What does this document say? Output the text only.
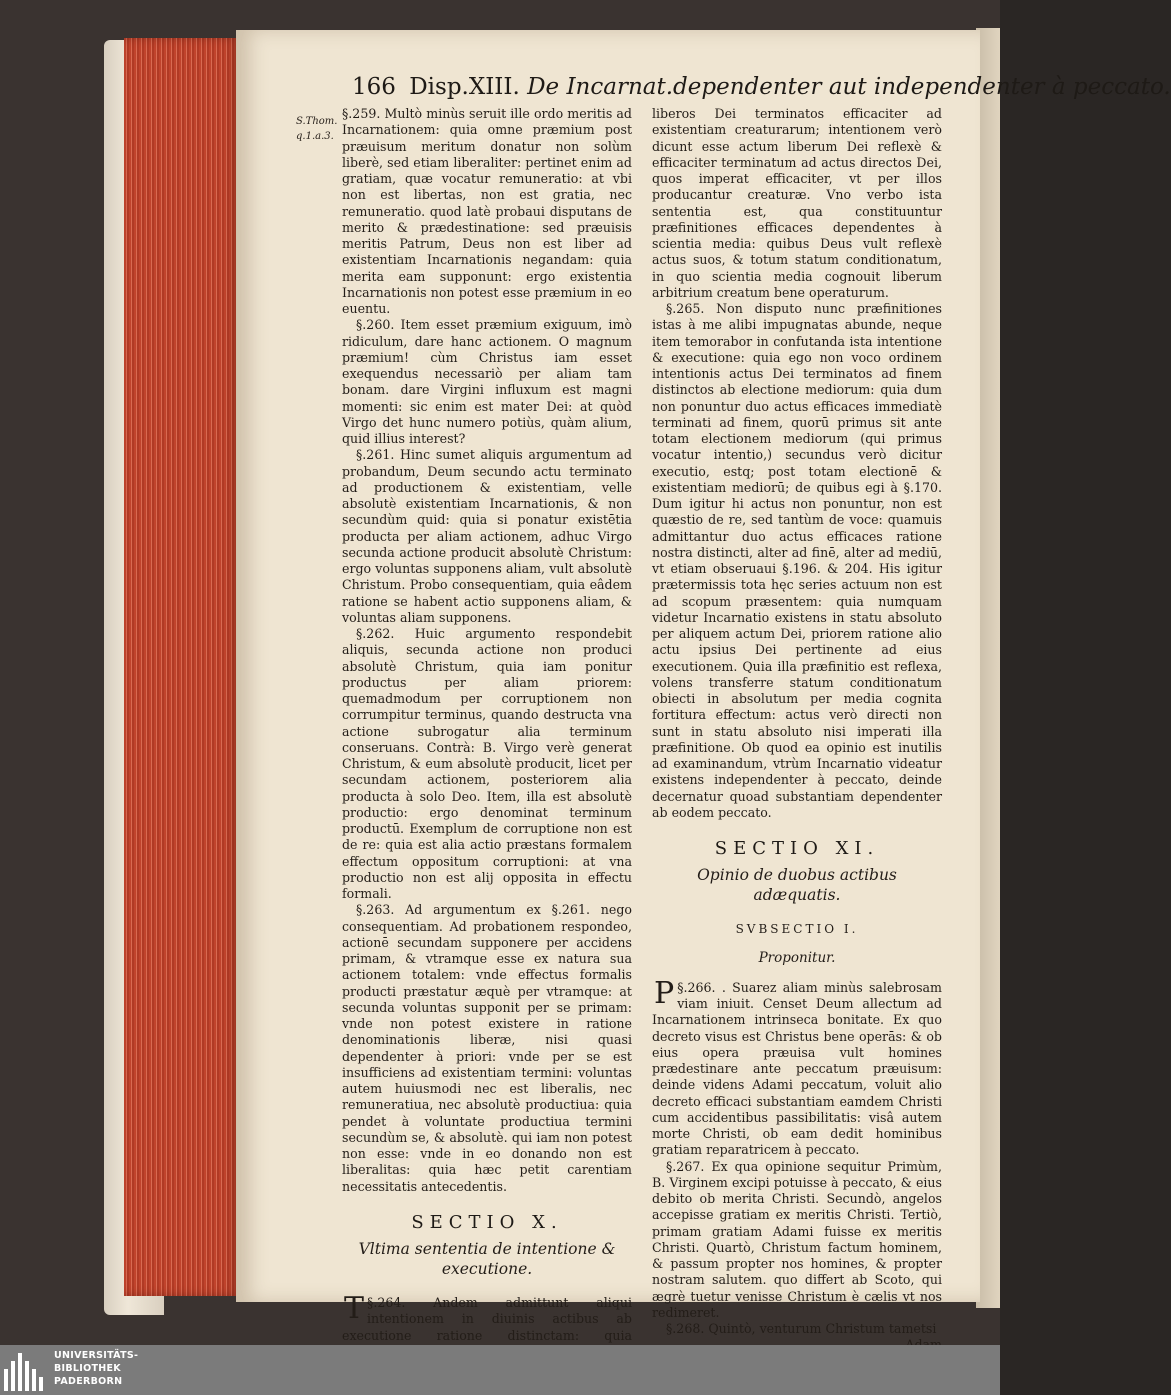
166 Disp.XIII. De Incarnat.dependenter aut independenter à peccato.
S.Thom.
q.1.a.3.

§.259. Multò minùs seruit ille ordo meritis ad Incarnationem: quia omne præmium post præuisum meritum donatur non solùm liberè, sed etiam liberaliter: pertinet enim ad gratiam, quæ vocatur remuneratio: at vbi non est libertas, non est gratia, nec remuneratio. quod latè probaui disputans de merito & prædestinatione: sed præuisis meritis Patrum, Deus non est liber ad existentiam Incarnationis negandam: quia merita eam supponunt: ergo existentia Incarnationis non potest esse præmium in eo euentu.

§.260. Item esset præmium exiguum, imò ridiculum, dare hanc actionem. O magnum præmium! cùm Christus iam esset exequendus necessariò per aliam tam bonam. dare Virgini influxum est magni momenti: sic enim est mater Dei: at quòd Virgo det hunc numero potiùs, quàm alium, quid illius interest?

§.261. Hinc sumet aliquis argumentum ad probandum, Deum secundo actu terminato ad productionem & existentiam, velle absolutè existentiam Incarnationis, & non secundùm quid: quia si ponatur existētia producta per aliam actionem, adhuc Virgo secunda actione producit absolutè Christum: ergo voluntas supponens aliam, vult absolutè Christum. Probo consequentiam, quia eâdem ratione se habent actio supponens aliam, & voluntas aliam supponens.

§.262. Huic argumento respondebit aliquis, secunda actione non produci absolutè Christum, quia iam ponitur productus per aliam priorem: quemadmodum per corruptionem non corrumpitur terminus, quando destructa vna actione subrogatur alia terminum conseruans. Contrà: B. Virgo verè generat Christum, & eum absolutè producit, licet per secundam actionem, posteriorem alia producta à solo Deo. Item, illa est absolutè productio: ergo denominat terminum productū. Exemplum de corruptione non est de re: quia est alia actio præstans formalem effectum oppositum corruptioni: at vna productio non est alij opposita in effectu formali.

§.263. Ad argumentum ex §.261. nego consequentiam. Ad probationem respondeo, actionē secundam supponere per accidens primam, & vtramque esse ex natura sua actionem totalem: vnde effectus formalis producti præstatur æquè per vtramque: at secunda voluntas supponit per se primam: vnde non potest existere in ratione denominationis liberæ, nisi quasi dependenter à priori: vnde per se est insufficiens ad existentiam termini: voluntas autem huiusmodi nec est liberalis, nec remuneratiua, nec absolutè productiua: quia pendet à voluntate productiua termini secundùm se, & absolutè. qui iam non potest non esse: vnde in eo donando non est liberalitas: quia hæc petit carentiam necessitatis antecedentis.

SECTIO X.
Vltima sententia de intentione & executione.

§.264.
T	Andem admittunt aliqui intentionem in diuinis actibus ab executione ratione distinctam: quia

liberos Dei terminatos efficaciter ad existentiam creaturarum; intentionem verò dicunt esse actum liberum Dei reflexè & efficaciter terminatum ad actus directos Dei, quos imperat efficaciter, vt per illos producantur creaturæ. Vno verbo ista sententia est, qua constituuntur præfinitiones efficaces dependentes à scientia media: quibus Deus vult reflexè actus suos, & totum statum conditionatum, in quo scientia media cognouit liberum arbitrium creatum bene operaturum.

§.265. Non disputo nunc præfinitiones istas à me alibi impugnatas abunde, neque item temorabor in confutanda ista intentione & executione: quia ego non voco ordinem intentionis actus Dei terminatos ad finem distinctos ab electione mediorum: quia dum non ponuntur duo actus efficaces immediatè terminati ad finem, quorū primus sit ante totam electionem mediorum (qui primus vocatur intentio,) secundus verò dicitur executio, estq; post totam electionē & existentiam mediorū; de quibus egi à §.170. Dum igitur hi actus non ponuntur, non est quæstio de re, sed tantùm de voce: quamuis admittantur duo actus efficaces ratione nostra distincti, alter ad finē, alter ad mediū, vt etiam obseruaui §.196. & 204. His igitur prætermissis tota hęc series actuum non est ad scopum præsentem: quia numquam videtur Incarnatio existens in statu absoluto per aliquem actum Dei, priorem ratione alio actu ipsius Dei pertinente ad eius executionem. Quia illa præfinitio est reflexa, volens transferre statum conditionatum obiecti in absolutum per media cognita fortitura effectum: actus verò directi non sunt in statu absoluto nisi imperati illa præfinitione. Ob quod ea opinio est inutilis ad examinandum, vtrùm Incarnatio videatur existens independenter à peccato, deinde decernatur quoad substantiam dependenter ab eodem peccato.

SECTIO XI.
Opinio de duobus actibus adæquatis.
SVBSECTIO I.
Proponitur.

§.266.
P	. Suarez aliam minùs salebrosam viam iniuit. Censet Deum allectum ad Incarnationem intrinseca bonitate. Ex quo decreto visus est Christus bene operās: & ob eius opera præuisa vult homines prædestinare ante peccatum præuisum: deinde videns Adami peccatum, voluit alio decreto efficaci substantiam eamdem Christi cum accidentibus passibilitatis: visâ autem morte Christi, ob eam dedit hominibus gratiam reparatricem à peccato.

§.267. Ex qua opinione sequitur Primùm, B. Virginem excipi potuisse à peccato, & eius debito ob merita Christi. Secundò, angelos accepisse gratiam ex meritis Christi. Tertiò, primam gratiam Adami fuisse ex meritis Christi. Quartò, Christum factum hominem, & passum propter nos homines, & propter nostram salutem. quo differt ab Scoto, qui ægrè tuetur venisse Christum è cælis vt nos redimeret.

§.268. Quintò, venturum Christum tametsi

UNIVERSITÄTS-
BIBLIOTHEK
PADERBORN
